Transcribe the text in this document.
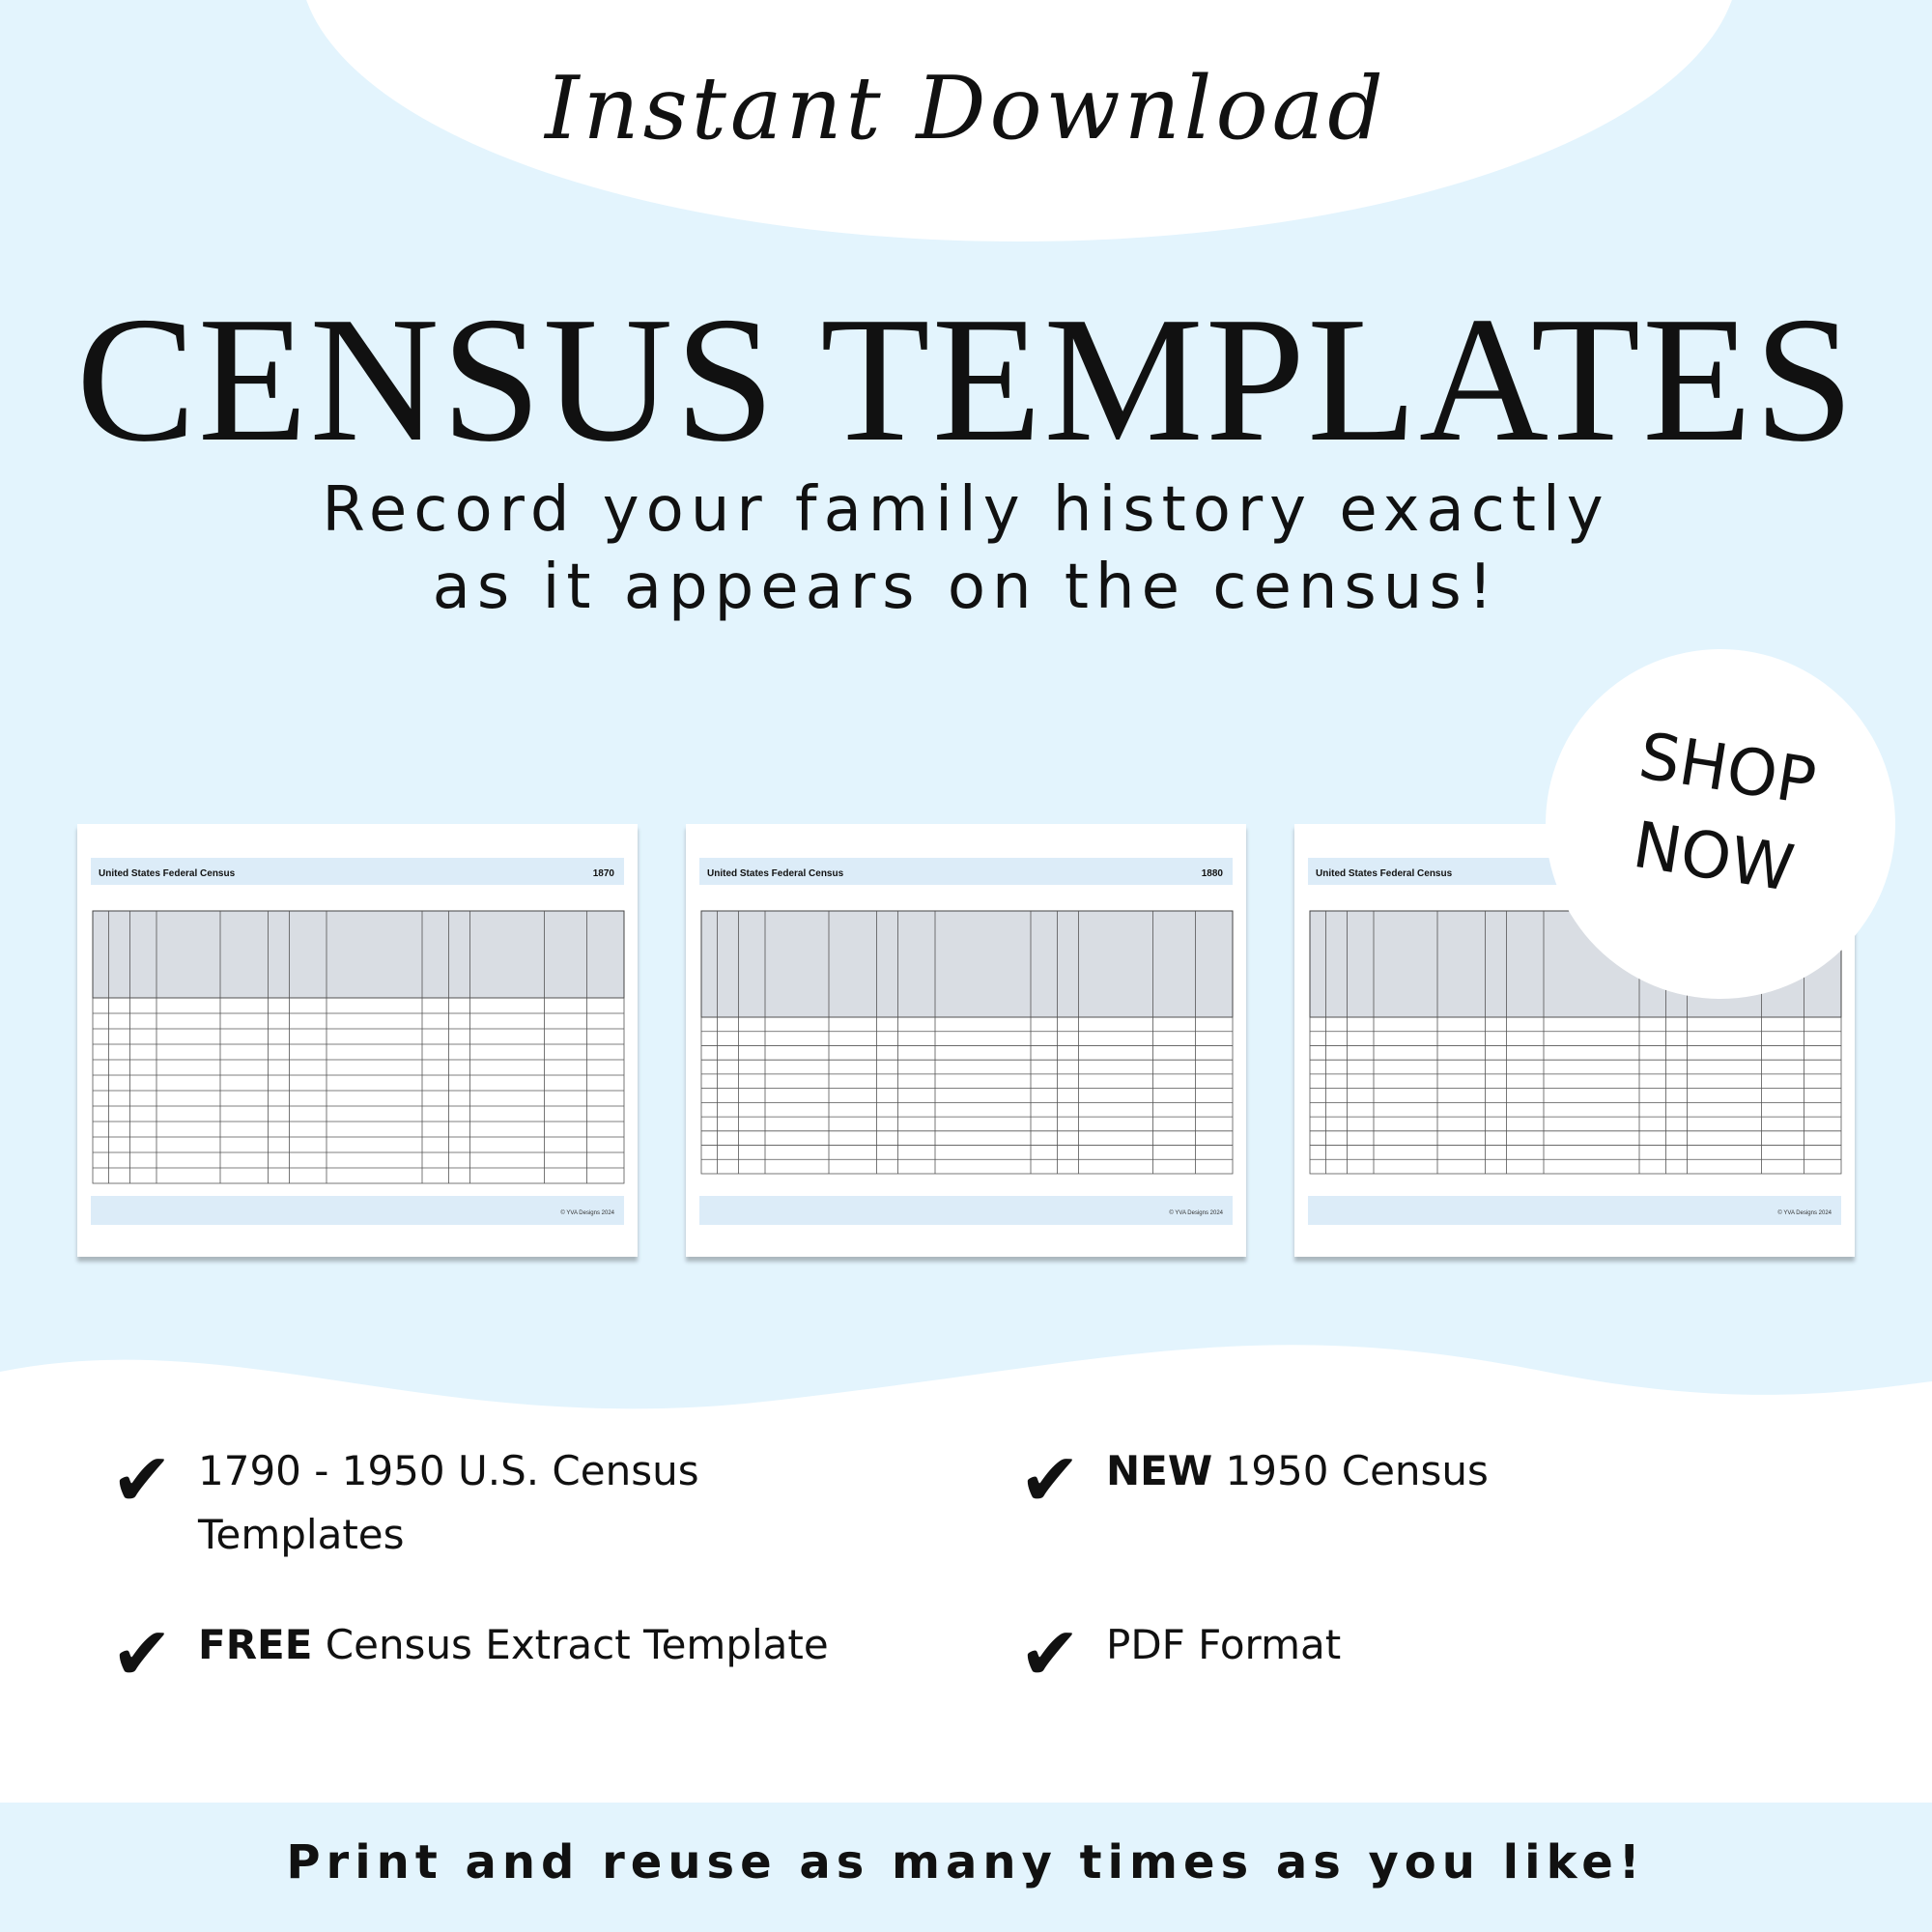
Instant Download
CENSUS TEMPLATES
Record your family history exactly
as it appears on the census!
United States Federal Census	1870
© YVA Designs 2024
United States Federal Census	1880
© YVA Designs 2024
United States Federal Census
© YVA Designs 2024
SHOP
NOW
✔ 1790 - 1950 U.S. Census Templates
✔ NEW 1950 Census
✔ FREE Census Extract Template	✔ PDF Format
Print and reuse as many times as you like!
